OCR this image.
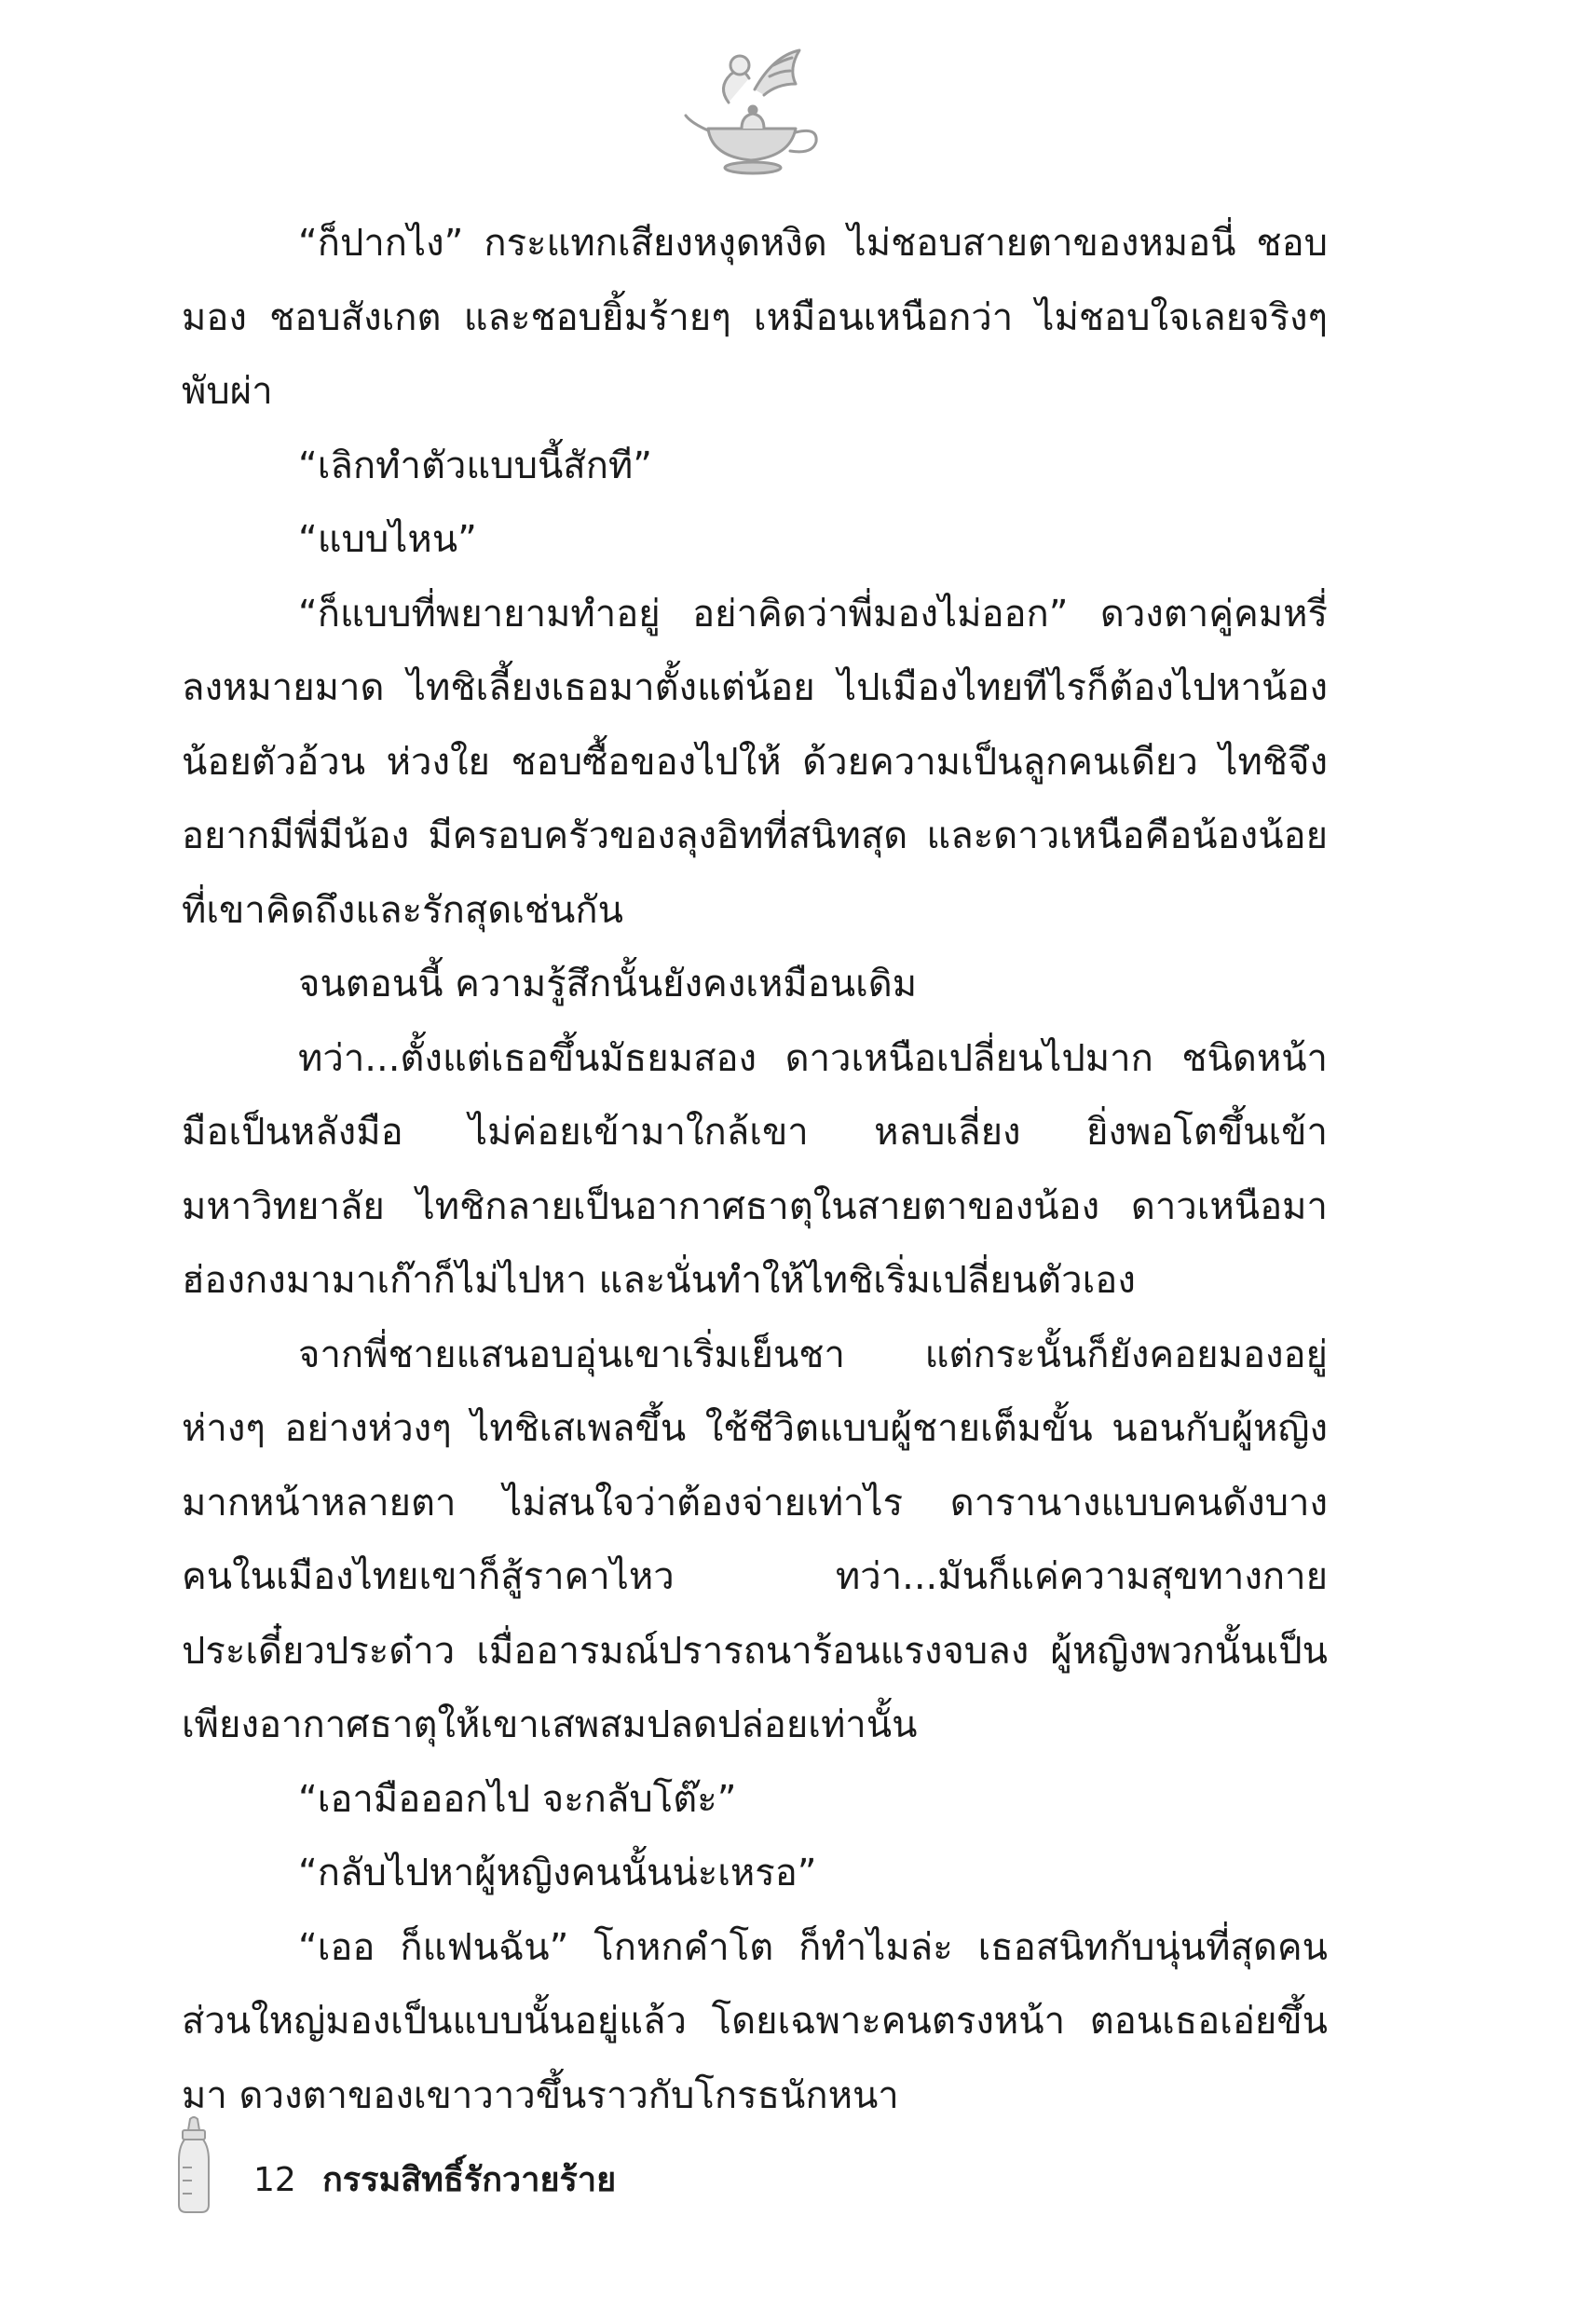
“ก็ปากไง” กระแทกเสียงหงุดหงิด ไม่ชอบสายตาของหมอนี่ ชอบมอง ชอบสังเกต และชอบยิ้มร้ายๆ เหมือนเหนือกว่า ไม่ชอบใจเลยจริงๆ พับผ่า

“เลิกทำตัวแบบนี้สักที”

“แบบไหน”

“ก็แบบที่พยายามทำอยู่ อย่าคิดว่าพี่มองไม่ออก” ดวงตาคู่คมหรี่ลงหมายมาด ไทชิเลี้ยงเธอมาตั้งแต่น้อย ไปเมืองไทยทีไรก็ต้องไปหาน้องน้อยตัวอ้วน ห่วงใย ชอบซื้อของไปให้ ด้วยความเป็นลูกคนเดียว ไทชิจึงอยากมีพี่มีน้อง มีครอบครัวของลุงอิทที่สนิทสุด และดาวเหนือคือน้องน้อยที่เขาคิดถึงและรักสุดเช่นกัน

จนตอนนี้ ความรู้สึกนั้นยังคงเหมือนเดิม

ทว่า...ตั้งแต่เธอขึ้นมัธยมสอง ดาวเหนือเปลี่ยนไปมาก ชนิดหน้ามือเป็นหลังมือ ไม่ค่อยเข้ามาใกล้เขา หลบเลี่ยง ยิ่งพอโตขึ้นเข้ามหาวิทยาลัย ไทชิกลายเป็นอากาศธาตุในสายตาของน้อง ดาวเหนือมาฮ่องกงมามาเก๊าก็ไม่ไปหา และนั่นทำให้ไทชิเริ่มเปลี่ยนตัวเอง

จากพี่ชายแสนอบอุ่นเขาเริ่มเย็นชา แต่กระนั้นก็ยังคอยมองอยู่ห่างๆ อย่างห่วงๆ ไทชิเสเพลขึ้น ใช้ชีวิตแบบผู้ชายเต็มขั้น นอนกับผู้หญิงมากหน้าหลายตา ไม่สนใจว่าต้องจ่ายเท่าไร ดารานางแบบคนดังบางคนในเมืองไทยเขาก็สู้ราคาไหว ทว่า...มันก็แค่ความสุขทางกายประเดี๋ยวประด๋าว เมื่ออารมณ์ปรารถนาร้อนแรงจบลง ผู้หญิงพวกนั้นเป็นเพียงอากาศธาตุให้เขาเสพสมปลดปล่อยเท่านั้น

“เอามือออกไป จะกลับโต๊ะ”

“กลับไปหาผู้หญิงคนนั้นน่ะเหรอ”

“เออ ก็แฟนฉัน” โกหกคำโต ก็ทำไมล่ะ เธอสนิทกับนุ่นที่สุดคนส่วนใหญ่มองเป็นแบบนั้นอยู่แล้ว โดยเฉพาะคนตรงหน้า ตอนเธอเอ่ยขึ้นมา ดวงตาของเขาวาวขึ้นราวกับโกรธนักหนา

12 กรรมสิทธิ์รักวายร้าย
